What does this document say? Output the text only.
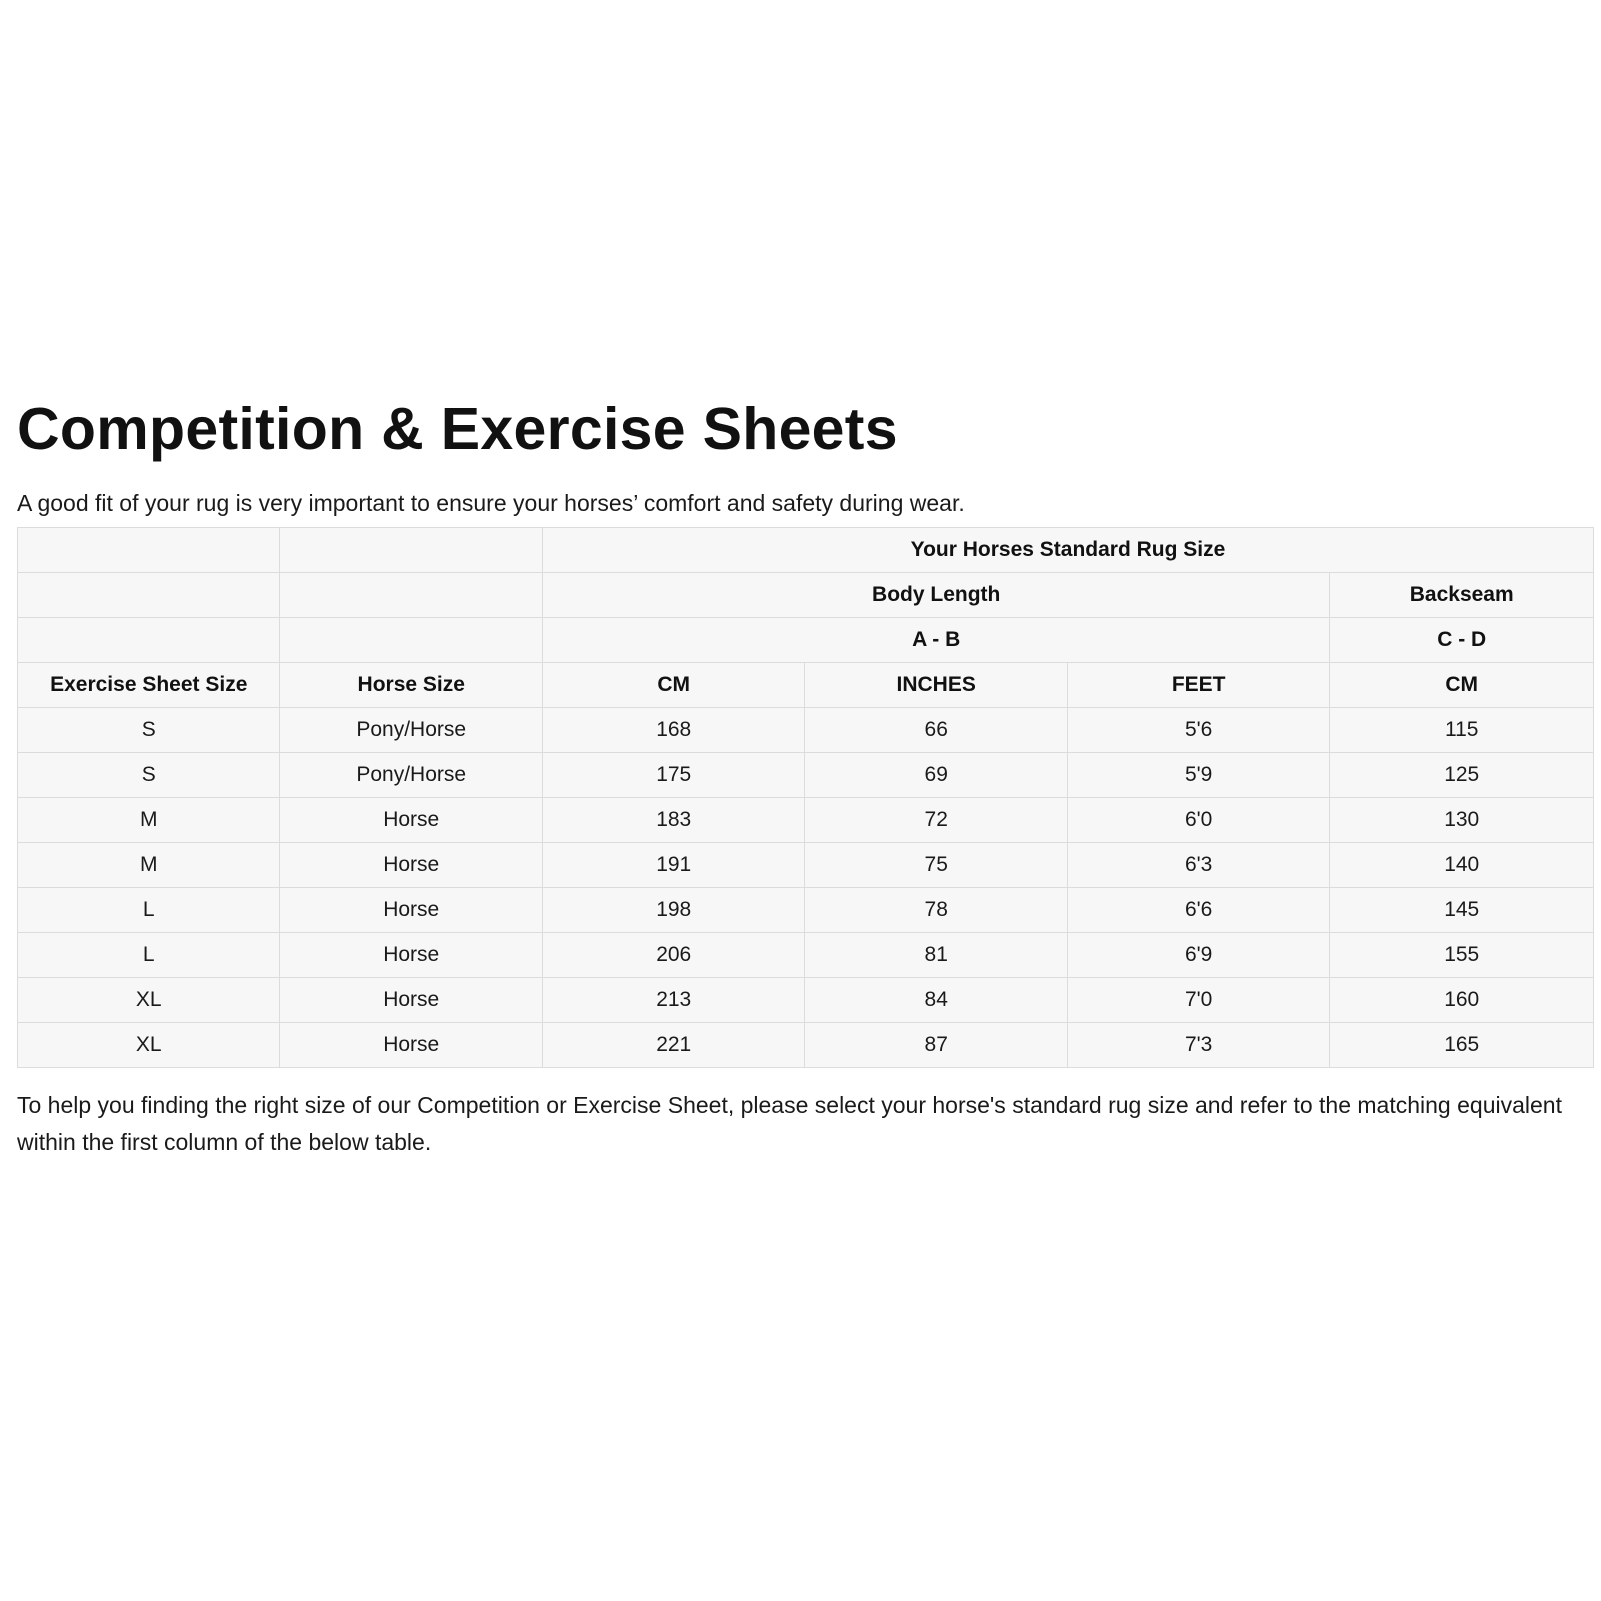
Competition & Exercise Sheets

A good fit of your rug is very important to ensure your horses’ comfort and safety during wear.

		Your Horses Standard Rug Size			
		Body Length			Backseam
		A - B			C - D
Exercise Sheet Size	Horse Size	CM	INCHES	FEET	CM
S	Pony/Horse	168	66	5'6	115
S	Pony/Horse	175	69	5'9	125
M	Horse	183	72	6'0	130
M	Horse	191	75	6'3	140
L	Horse	198	78	6'6	145
L	Horse	206	81	6'9	155
XL	Horse	213	84	7'0	160
XL	Horse	221	87	7'3	165

To help you finding the right size of our Competition or Exercise Sheet, please select your horse's standard rug size and refer to the matching equivalent within the first column of the below table.
